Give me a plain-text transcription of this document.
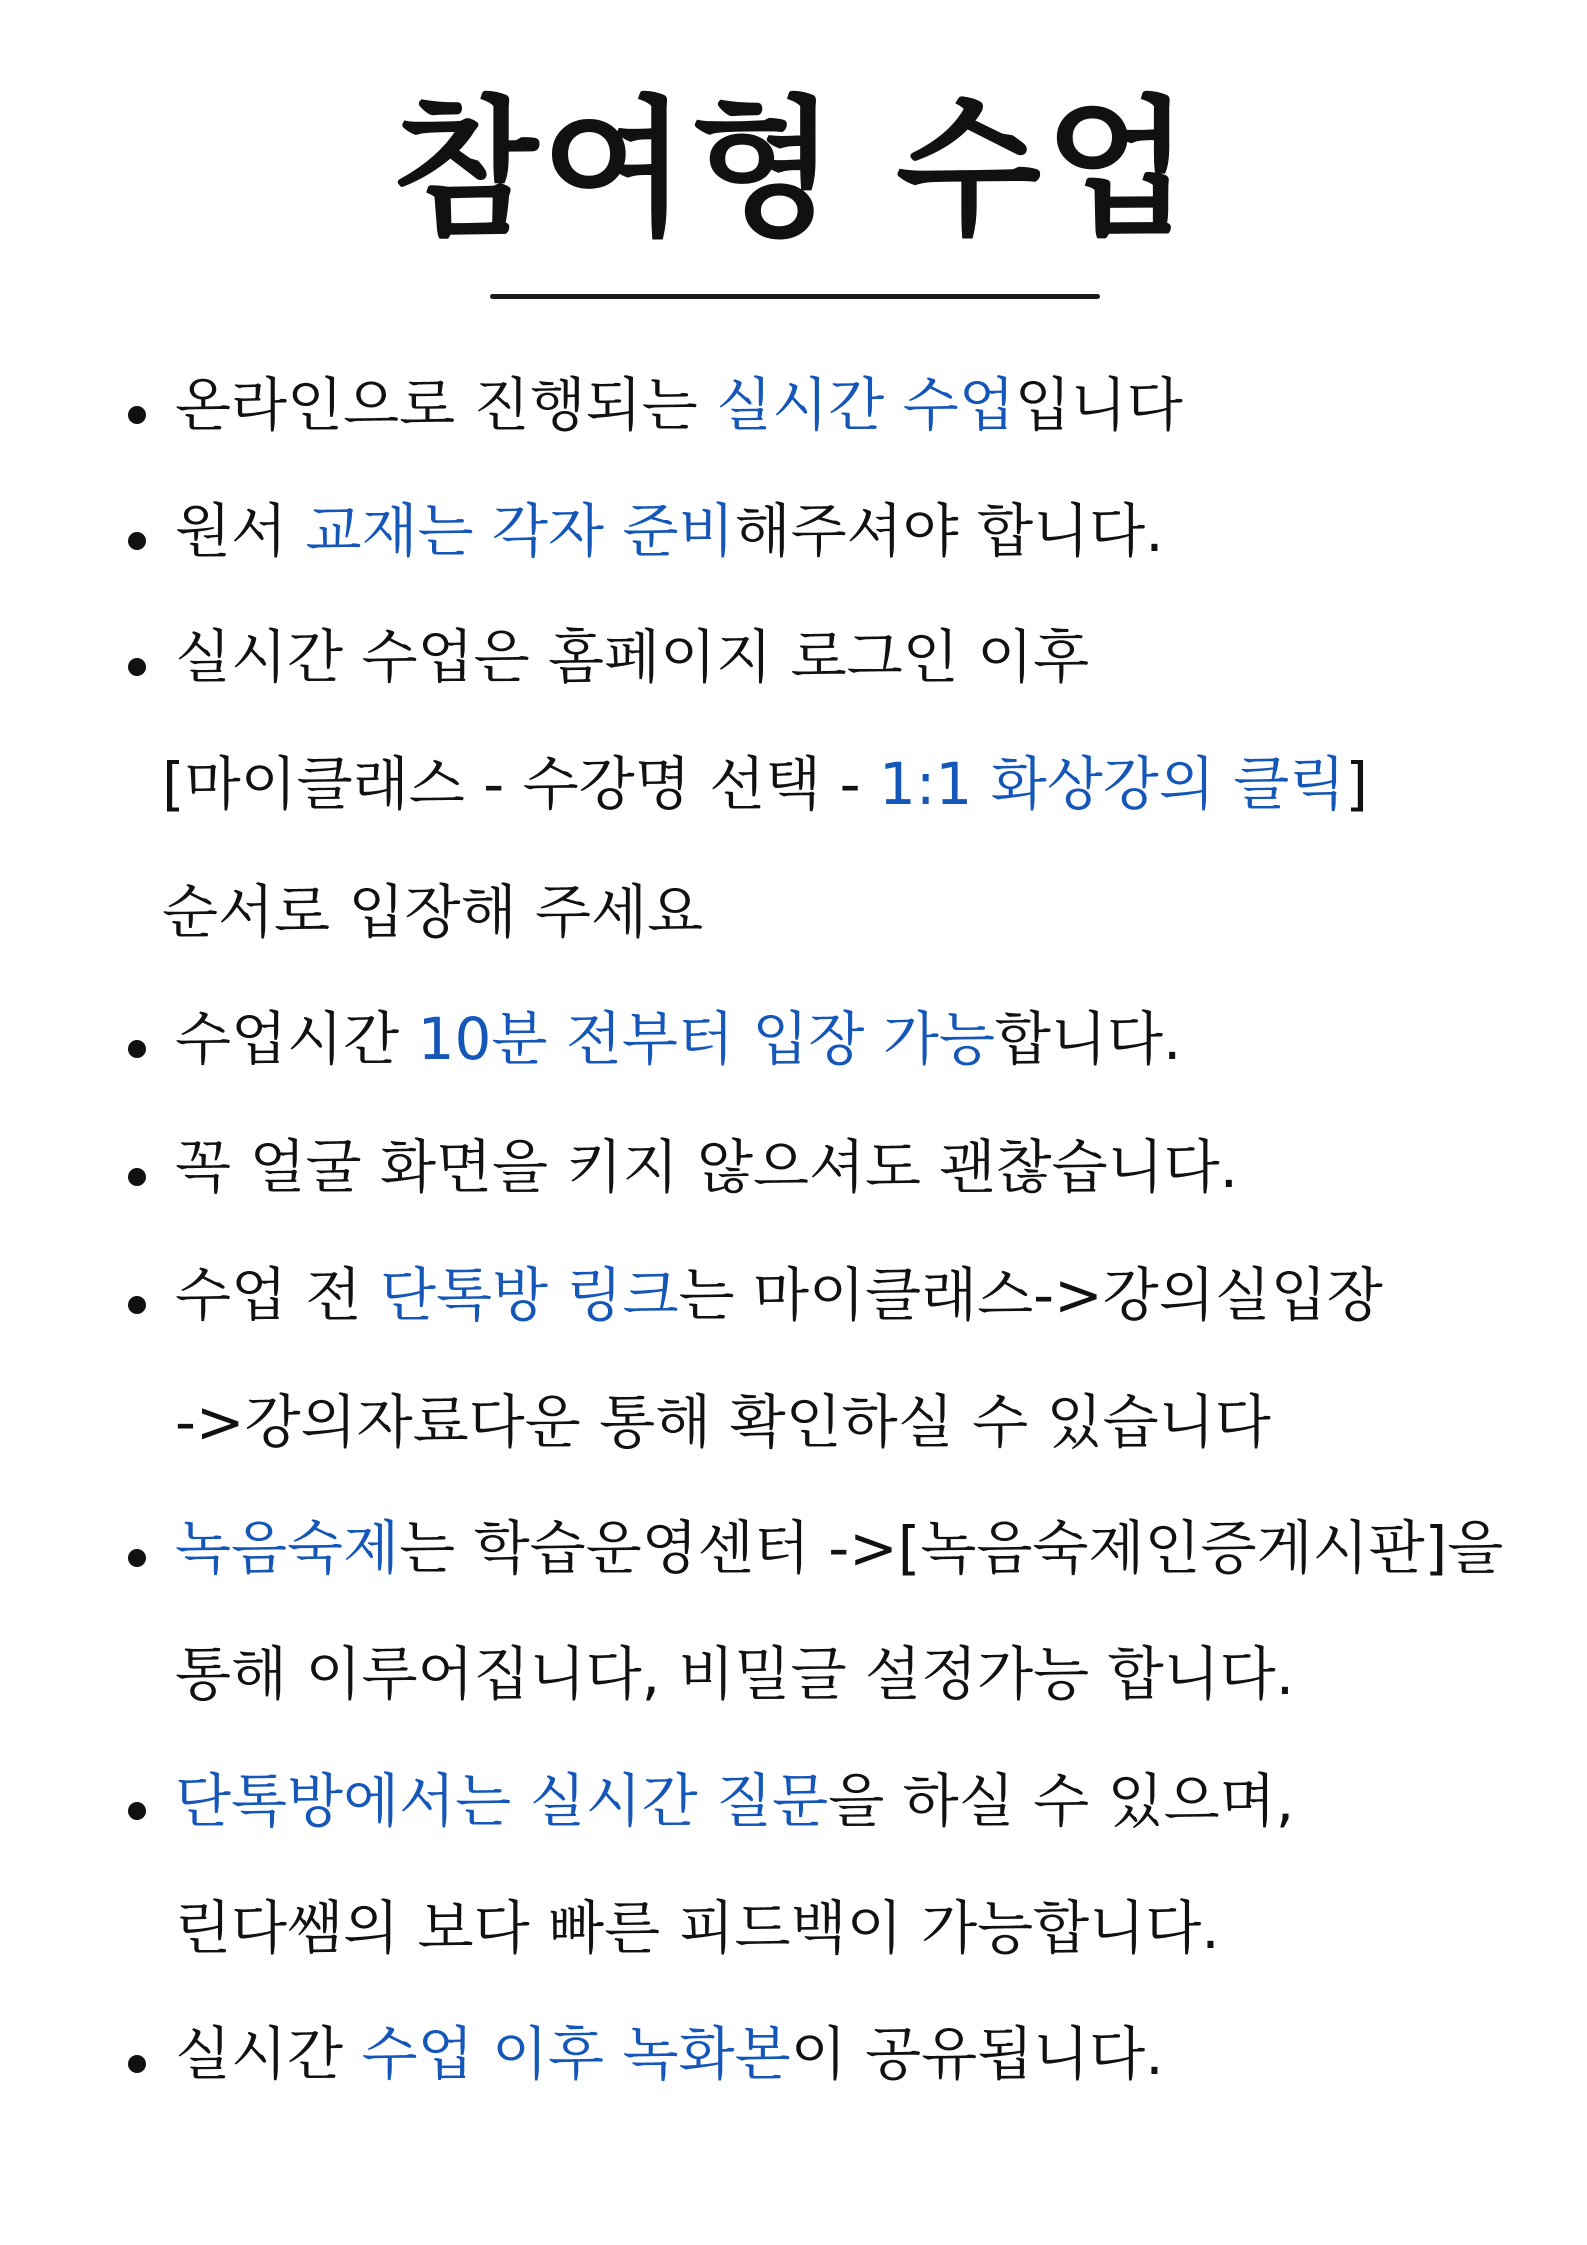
참여형 수업
온라인으로 진행되는 실시간 수업입니다
원서 교재는 각자 준비해주셔야 합니다.
실시간 수업은 홈페이지 로그인 이후
[마이클래스 - 수강명 선택 - 1:1 화상강의 클릭]
순서로 입장해 주세요
수업시간 10분 전부터 입장 가능합니다.
꼭 얼굴 화면을 키지 않으셔도 괜찮습니다.
수업 전 단톡방 링크는 마이클래스->강의실입장
->강의자료다운 통해 확인하실 수 있습니다
녹음숙제는 학습운영센터 ->[녹음숙제인증게시판]을
통해 이루어집니다, 비밀글 설정가능 합니다.
단톡방에서는 실시간 질문을 하실 수 있으며,
린다쌤의 보다 빠른 피드백이 가능합니다.
실시간 수업 이후 녹화본이 공유됩니다.
